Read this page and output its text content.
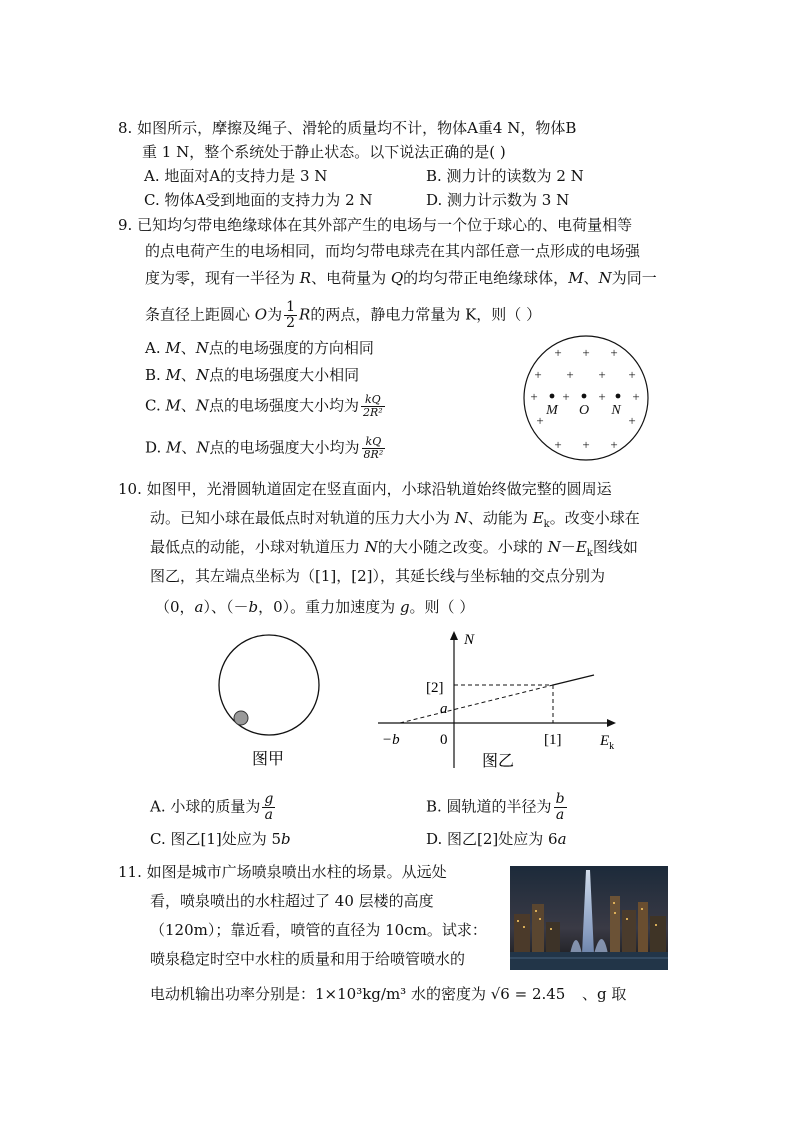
8. 如图所示，摩擦及绳子、滑轮的质量均不计，物体A重4 N，物体B
重 1 N，整个系统处于静止状态。以下说法正确的是( )
A. 地面对A的支持力是 3 N	B. 测力计的读数为 2 N
C. 物体A受到地面的支持力为 2 N	D. 测力计示数为 3 N
9. 已知均匀带电绝缘球体在其外部产生的电场与一个位于球心的、电荷量相等
的点电荷产生的电场相同，而均匀带电球壳在其内部任意一点形成的电场强
度为零，现有一半径为 R、电荷量为 Q的均匀带正电绝缘球体，M、N为同一
条直径上距圆心 O为 $\frac{1}{2}$ R的两点，静电力常量为 K，则（ ）
A. M、N点的电场强度的方向相同
B. M、N点的电场强度大小相同
C. M、N点的电场强度大小均为 $\frac{kQ}{\text{2R²}}$
D. M、N点的电场强度大小均为 $\frac{kQ}{\text{8R²}}$
+ + +
+ + + +
+ + + +
+	+
+ + +
M O N
10. 如图甲，光滑圆轨道固定在竖直面内，小球沿轨道始终做完整的圆周运
动。已知小球在最低点时对轨道的压力大小为 N、动能为 $E_k$。改变小球在
最低点的动能，小球对轨道压力 N的大小随之改变。小球的 $N-E_k$图线如
图乙，其左端点坐标为（[1]，[2]），其延长线与坐标轴的交点分别为
（0，a）、（－b，0）。重力加速度为 g。则（ ）
图甲
N
$E_k$
[2]
a
−b	0	[1]
图乙
A. 小球的质量为 $\frac{g}{a}$	B. 圆轨道的半径为 $\frac{b}{a}$
C. 图乙[1]处应为 5b	D. 图乙[2]处应为 6a
11. 如图是城市广场喷泉喷出水柱的场景。从远处
看，喷泉喷出的水柱超过了 40 层楼的高度
（120m）；靠近看，喷管的直径为 10cm。试求：
喷泉稳定时空中水柱的质量和用于给喷管喷水的
电动机输出功率分别是：1×10³kg/m³ 水的密度为 √6 = 2.45 、g 取
